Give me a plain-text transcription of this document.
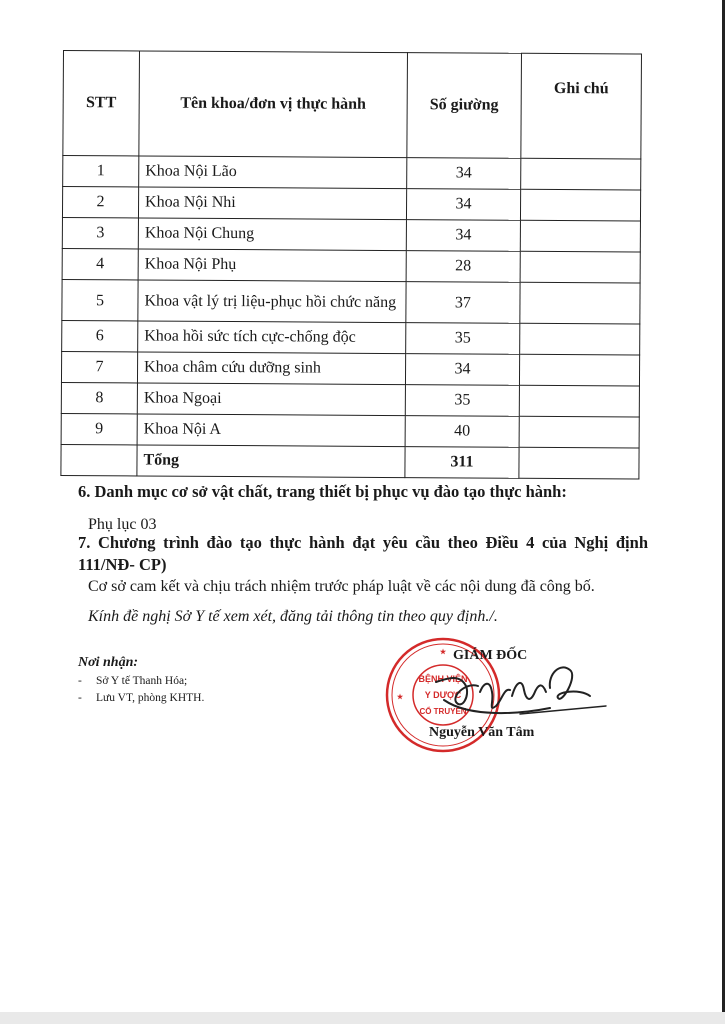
STT	Tên khoa/đơn vị thực hành	Số giường	Ghi chú
1	Khoa Nội Lão	34	
2	Khoa Nội Nhi	34	
3	Khoa Nội Chung	34	
4	Khoa Nội Phụ	28	
5	Khoa vật lý trị liệu-phục hồi chức năng	37	
6	Khoa hồi sức tích cực-chống độc	35	
7	Khoa châm cứu dưỡng sinh	34	
8	Khoa Ngoại	35	
9	Khoa Nội A	40	
	Tổng	311	
6. Danh mục cơ sở vật chất, trang thiết bị phục vụ đào tạo thực hành:
Phụ lục 03
7. Chương trình đào tạo thực hành đạt yêu cầu theo Điều 4 của Nghị định 111/NĐ- CP)
Cơ sở cam kết và chịu trách nhiệm trước pháp luật về các nội dung đã công bố.
Kính đề nghị Sở Y tế xem xét, đăng tải thông tin theo quy định./.
Nơi nhận:
- Sở Y tế Thanh Hóa;
- Lưu VT, phòng KHTH.
BỆNH VIỆN
Y DƯỢC
CỔ TRUYỀN
★
★
GIÁM ĐỐC
Nguyễn Văn Tâm
